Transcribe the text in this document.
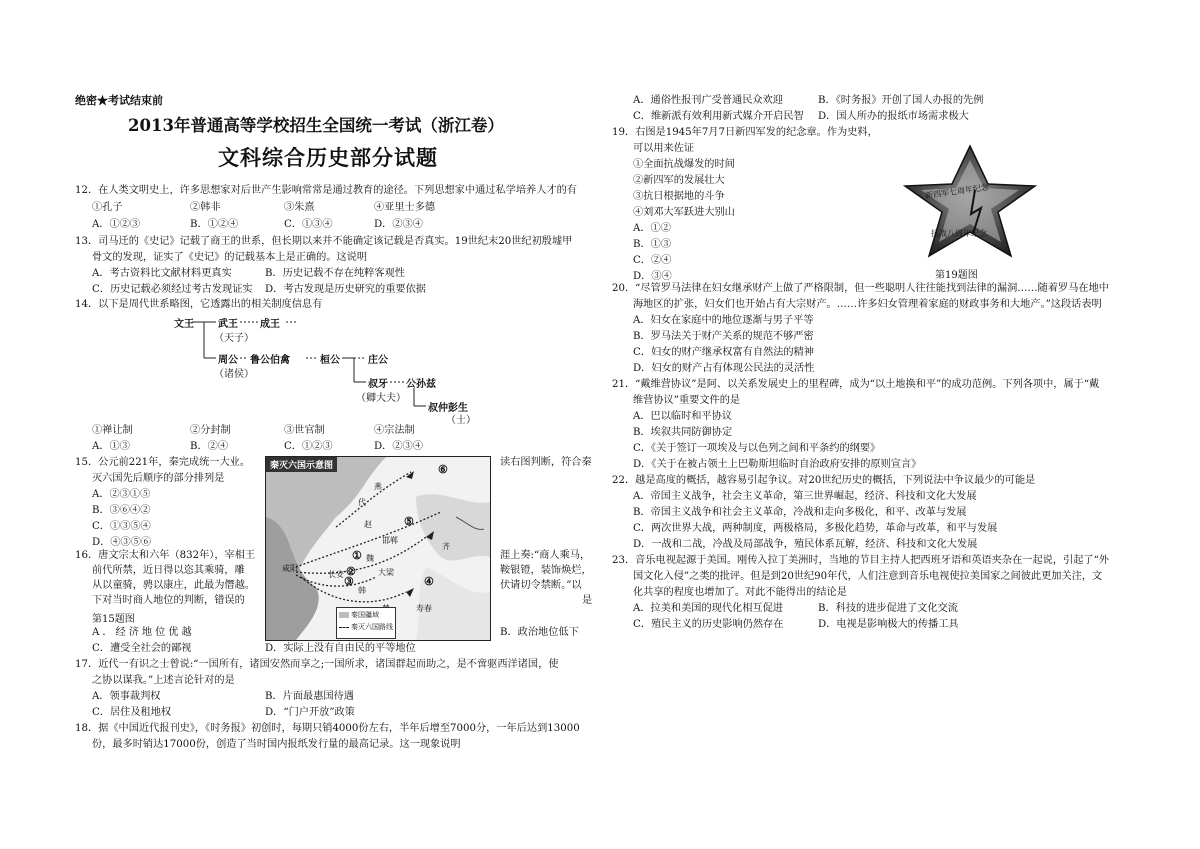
绝密★考试结束前
2013年普通高等学校招生全国统一考试（浙江卷）
文科综合历史部分试题
12．在人类文明史上，许多思想家对后世产生影响常常是通过教育的途径。下列思想家中通过私学培养人才的有
①孔子	②韩非	③朱熹	④亚里士多德
A．①②③	B．①②④	C．①③④	D．②③④
13．司马迁的《史记》记载了商王的世系，但长期以来并不能确定该记载是否真实。19世纪末20世纪初殷墟甲
骨文的发现，证实了《史记》的记载基本上是正确的。这说明
A．考古资料比文献材料更真实	B．历史记载不存在纯粹客观性
C．历史记载必须经过考古发现证实 D．考古发现是历史研究的重要依据
14．以下是周代世系略图，它透露出的相关制度信息有
文王 武王 成王
（天子）
周公 鲁公伯禽	桓公	庄公
（诸侯）
叔牙 公孙兹
（卿大夫）
叔仲彭生
（士）
①禅让制	②分封制	③世官制	④宗法制
A．①③	B．②④	C．①②③	D．②③④
15．公元前221年，秦完成统一大业。	读右图判断，符合秦
灭六国先后顺序的部分排列是
A．②③①⑤
B．③⑥④②
C．①③⑤④
D．④③⑤⑥
秦灭六国示意图	⑥
⑤
①
②
③	④
燕
代
赵
魏
齐
韩
咸阳	大梁
邯郸
寿春
长安
秦国疆域
秦灭六国路线
16．唐文宗太和六年（832年），宰相王	涯上奏:“商人乘马，
前代所禁，近日得以恣其乘骑，雕	鞍银镫，装饰焕烂，
从以童骑，骋以康庄，此最为僭越。	伏请切令禁断。”以
下对当时商人地位的判断，错误的	是
第15题图
A．经济地位优越	B．政治地位低下
C．遭受全社会的鄙视	D．实际上没有自由民的平等地位
17．近代一有识之士曾说:“一国所有，诸国安然而享之;一国所求，诸国群起而助之，是不啻驱西洋诸国，使
之协以谋我。”上述言论针对的是
A．领事裁判权	B．片面最惠国待遇
C．居住及租地权	D．“门户开放”政策
18．据《中国近代报刊史》，《时务报》初创时，每期只销4000份左右，半年后增至7000分，一年后达到13000
份，最多时销达17000份，创造了当时国内报纸发行量的最高记录。这一现象说明
A．通俗性报刊广受普通民众欢迎	B．《时务报》开创了国人办报的先例
C．维新派有效利用新式媒介开启民智 D．国人所办的报纸市场需求极大
19．右图是1945年7月7日新四军发的纪念章。作为史料，
可以用来佐证
①全面抗战爆发的时间
②新四军的发展壮大
③抗日根据地的斗争
④刘邓大军跃进大别山
A．①②
B．①③
C．②④
D．③④
新四军七周年纪念
抗战八周年纪念
第19题图
20．“尽管罗马法律在妇女继承财产上做了严格限制，但一些聪明人往往能找到法律的漏洞……随着罗马在地中
海地区的扩张，妇女们也开始占有大宗财产。……许多妇女管理着家庭的财政事务和大地产。”这段话表明
A．妇女在家庭中的地位逐渐与男子平等
B．罗马法关于财产关系的规范不够严密
C．妇女的财产继承权富有自然法的精神
D．妇女的财产占有体现公民法的灵活性
21．“戴维营协议”是阿、以关系发展史上的里程碑，成为“以土地换和平”的成功范例。下列各项中，属于“戴
维营协议”重要文件的是
A．巴以临时和平协议
B．埃叙共同防御协定
C．《关于签订一项埃及与以色列之间和平条约的纲要》
D．《关于在被占领土上巴勒斯坦临时自治政府安排的原则宣言》
22．越是高度的概括，越容易引起争议。对20世纪历史的概括，下列说法中争议最少的可能是
A．帝国主义战争，社会主义革命，第三世界崛起，经济、科技和文化大发展
B．帝国主义战争和社会主义革命，冷战和走向多极化，和平、改革与发展
C．两次世界大战，两种制度，两极格局，多极化趋势，革命与改革，和平与发展
D．一战和二战，冷战及局部战争，殖民体系瓦解，经济、科技和文化大发展
23．音乐电视起源于美国。刚传入拉丁美洲时，当地的节目主持人把西班牙语和英语夹杂在一起说，引起了“外
国文化入侵”之类的批评。但是到20世纪90年代，人们注意到音乐电视使拉美国家之间彼此更加关注，文
化共享的程度也增加了。对此不能得出的结论是
A．拉美和美国的现代化相互促进	B．科技的进步促进了文化交流
C．殖民主义的历史影响仍然存在	D．电视是影响极大的传播工具
